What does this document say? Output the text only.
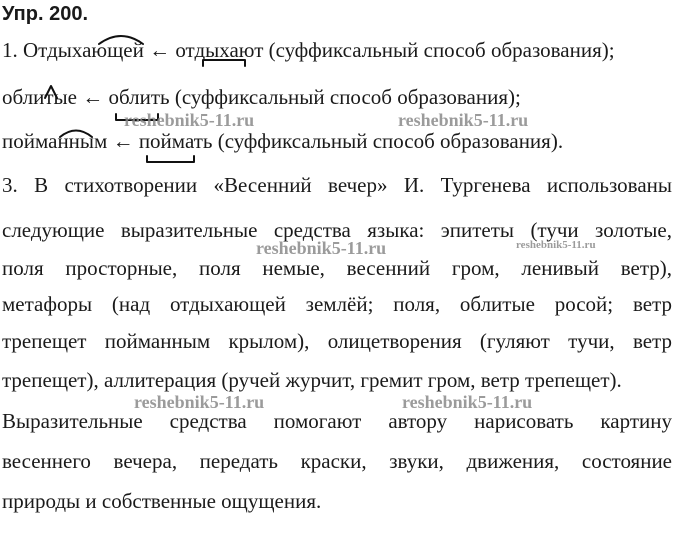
Упр. 200.
1. Отдыхающей ← отдыхают (суффиксальный способ образования);
облитые ← облить (суффиксальный способ образования);
пойманным ← поймать (суффиксальный способ образования).
3. В стихотворении «Весенний вечер» И. Тургенева использованы
следующие выразительные средства языка: эпитеты (тучи золотые,
поля просторные, поля немые, весенний гром, ленивый ветр),
метафоры (над отдыхающей землёй; поля, облитые росой; ветр
трепещет пойманным крылом), олицетворения (гуляют тучи, ветр
трепещет), аллитерация (ручей журчит, гремит гром, ветр трепещет).
Выразительные средства помогают автору нарисовать картину
весеннего вечера, передать краски, звуки, движения, состояние
природы и собственные ощущения.
reshebnik5-11.ru	reshebnik5-11.ru
reshebnik5-11.ru	reshebnik5-11.ru
reshebnik5-11.ru	reshebnik5-11.ru
